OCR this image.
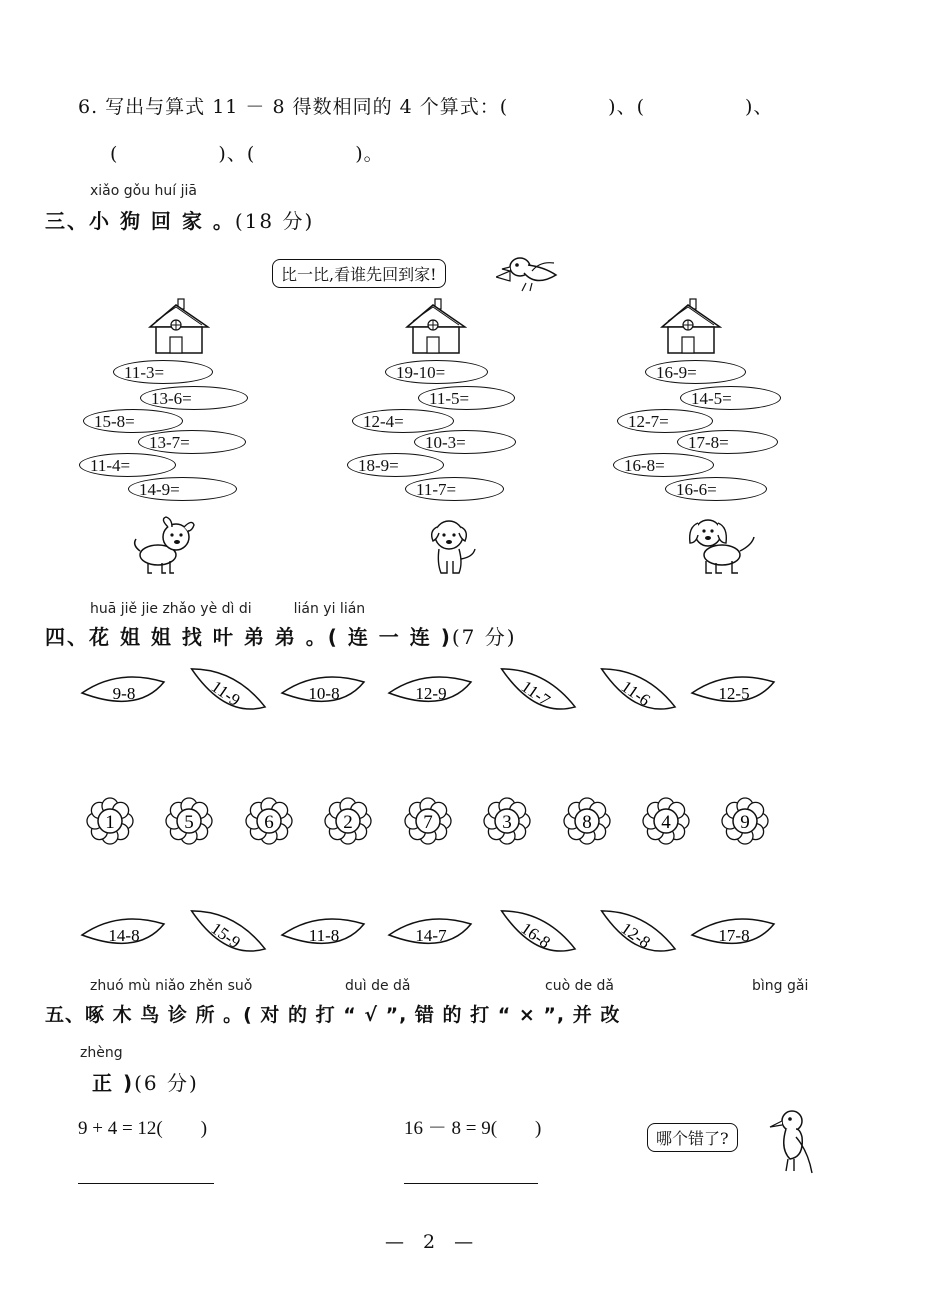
6. 写出与算式 11 － 8 得数相同的 4 个算式：(　　　　　)、(　　　　　)、
(　　　　　)、(　　　　　)。
xiǎo gǒu huí jiā
三、小 狗 回 家 。(18 分)
比一比,看谁先回到家!
11-3=
13-6=
15-8=
13-7=
11-4=
14-9=
19-10=
11-5=
12-4=
10-3=
18-9=
11-7=
16-9=
14-5=
12-7=
17-8=
16-8=
16-6=
huā jiě jie zhǎo yè dì di　　　lián yi lián
四、花 姐 姐 找 叶 弟 弟 。( 连 一 连 )(7 分)
9-8	11-9	10-8	12-9	11-7	11-6	12-5
1	5	6	2	7	3	8	4	9
14-8	15-9	11-8	14-7	16-8	12-8	17-8
zhuó mù niǎo zhěn suǒ	duì de dǎ	cuò de dǎ	bìng gǎi
五、啄 木 鸟 诊 所 。( 对 的 打 “ √ ”, 错 的 打 “ × ”, 并 改
zhèng
正 )(6 分)
9 + 4 = 12(　　)	16 － 8 = 9(　　)	哪个错了?
—　2　—
